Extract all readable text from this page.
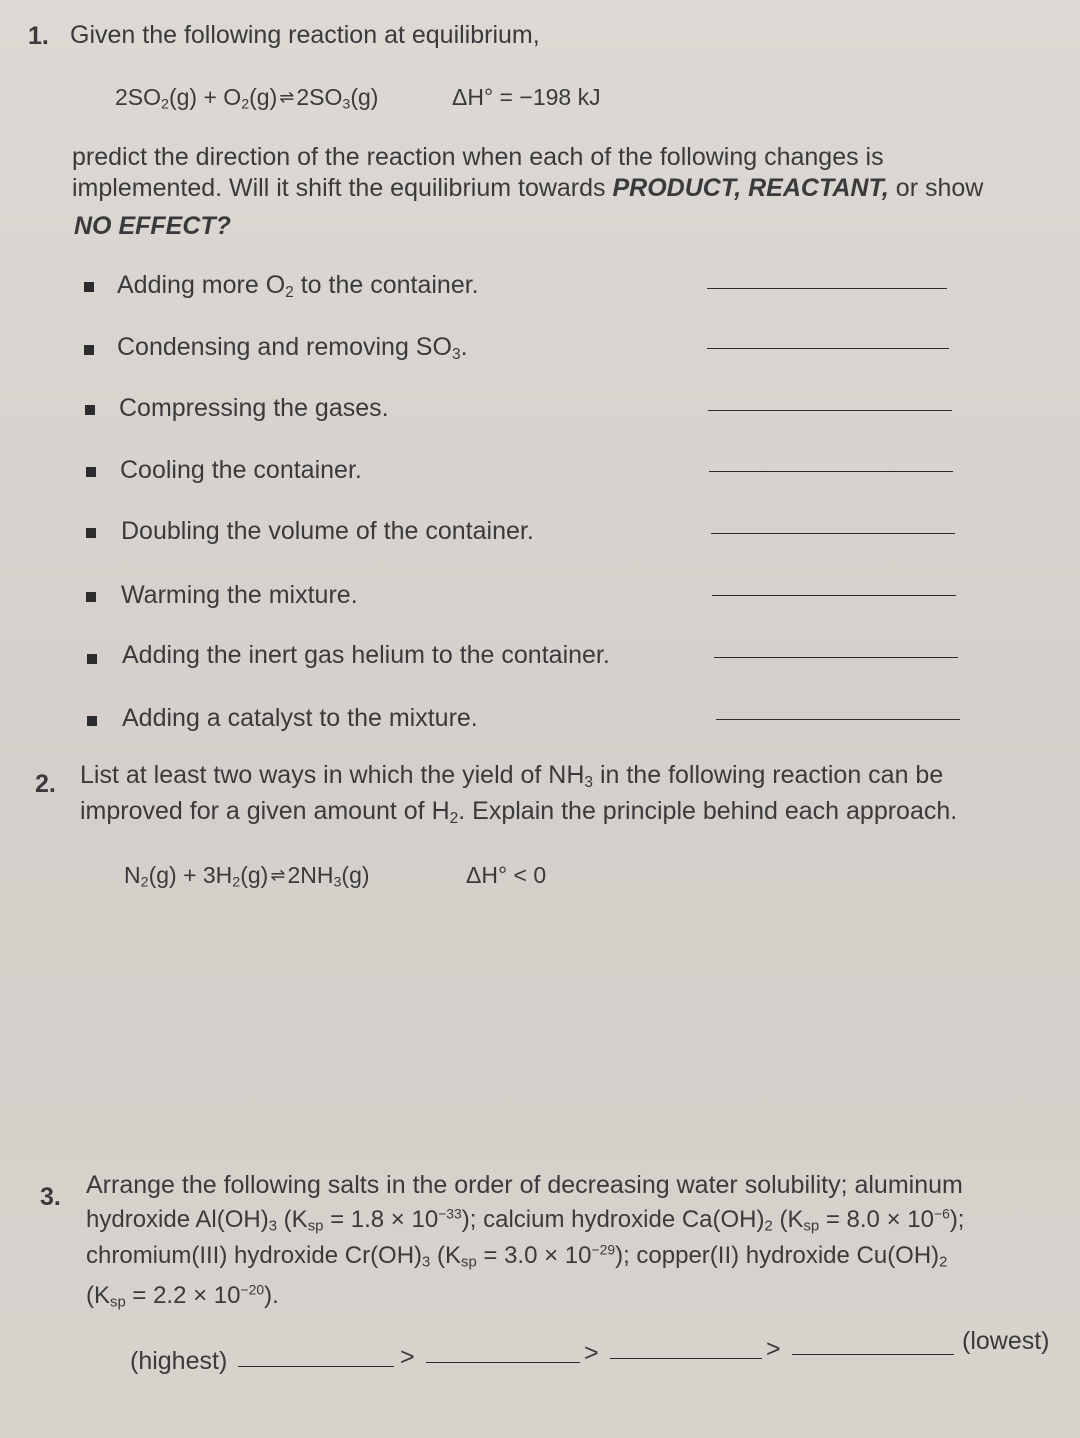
1. Given the following reaction at equilibrium,
$2SO_2(g) + O_2(g)$ $\rightleftharpoons 2SO_3(g)$	ΔH° = −198 kJ
predict the direction of the reaction when each of the following changes is
implemented. Will it shift the equilibrium towards PRODUCT, REACTANT, or show
NO EFFECT?
Adding more $O_2$ to the container.
Condensing and removing $SO_3$.
Compressing the gases.
Cooling the container.
Doubling the volume of the container.
Warming the mixture.
Adding the inert gas helium to the container.
Adding a catalyst to the mixture.
2. List at least two ways in which the yield of $NH_3$ in the following reaction can be
improved for a given amount of $H_2$. Explain the principle behind each approach.
$N_2(g) + 3H_2(g)$ $\rightleftharpoons 2NH_3(g)$	ΔH° < 0
3. Arrange the following salts in the order of decreasing water solubility; aluminum
hydroxide $Al(OH)_3$ $(K_{sp} = 1.8 \times 10^{-33})$; calcium hydroxide $Ca(OH)_2$ $(K_{sp} = 8.0 \times 10^{-6})$;
chromium(III) hydroxide $Cr(OH)_3$ $(K_{sp} = 3.0 \times 10^{-29})$; copper(II) hydroxide $Cu(OH)_2$
$(K_{sp} = 2.2 \times 10^{-20})$.
(highest)	>	>	>	(lowest)
